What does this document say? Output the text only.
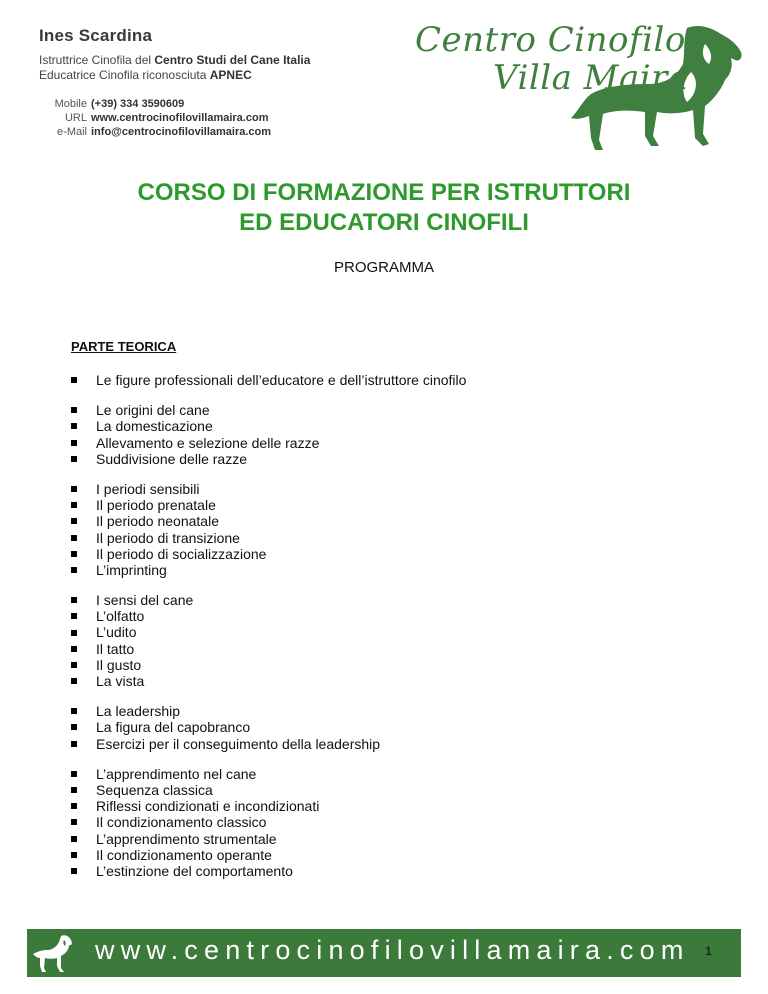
Ines Scardina
Istruttrice Cinofila del Centro Studi del Cane Italia
Educatrice Cinofila riconosciuta APNEC
Mobile (+39) 334 3590609
URL www.centrocinofilovillamaira.com
e-Mail info@centrocinofilovillamaira.com
Centro Cinofilo
Villa Maira
CORSO DI FORMAZIONE PER ISTRUTTORI
ED EDUCATORI CINOFILI
PROGRAMMA
PARTE TEORICA
Le figure professionali dell’educatore e dell’istruttore cinofilo
Le origini del cane
La domesticazione
Allevamento e selezione delle razze
Suddivisione delle razze
I periodi sensibili
Il periodo prenatale
Il periodo neonatale
Il periodo di transizione
Il periodo di socializzazione
L’imprinting
I sensi del cane
L’olfatto
L’udito
Il tatto
Il gusto
La vista
La leadership
La figura del capobranco
Esercizi per il conseguimento della leadership
L’apprendimento nel cane
Sequenza classica
Riflessi condizionati e incondizionati
Il condizionamento classico
L’apprendimento strumentale
Il condizionamento operante
L’estinzione del comportamento
www.centrocinofilovillamaira.com 1
